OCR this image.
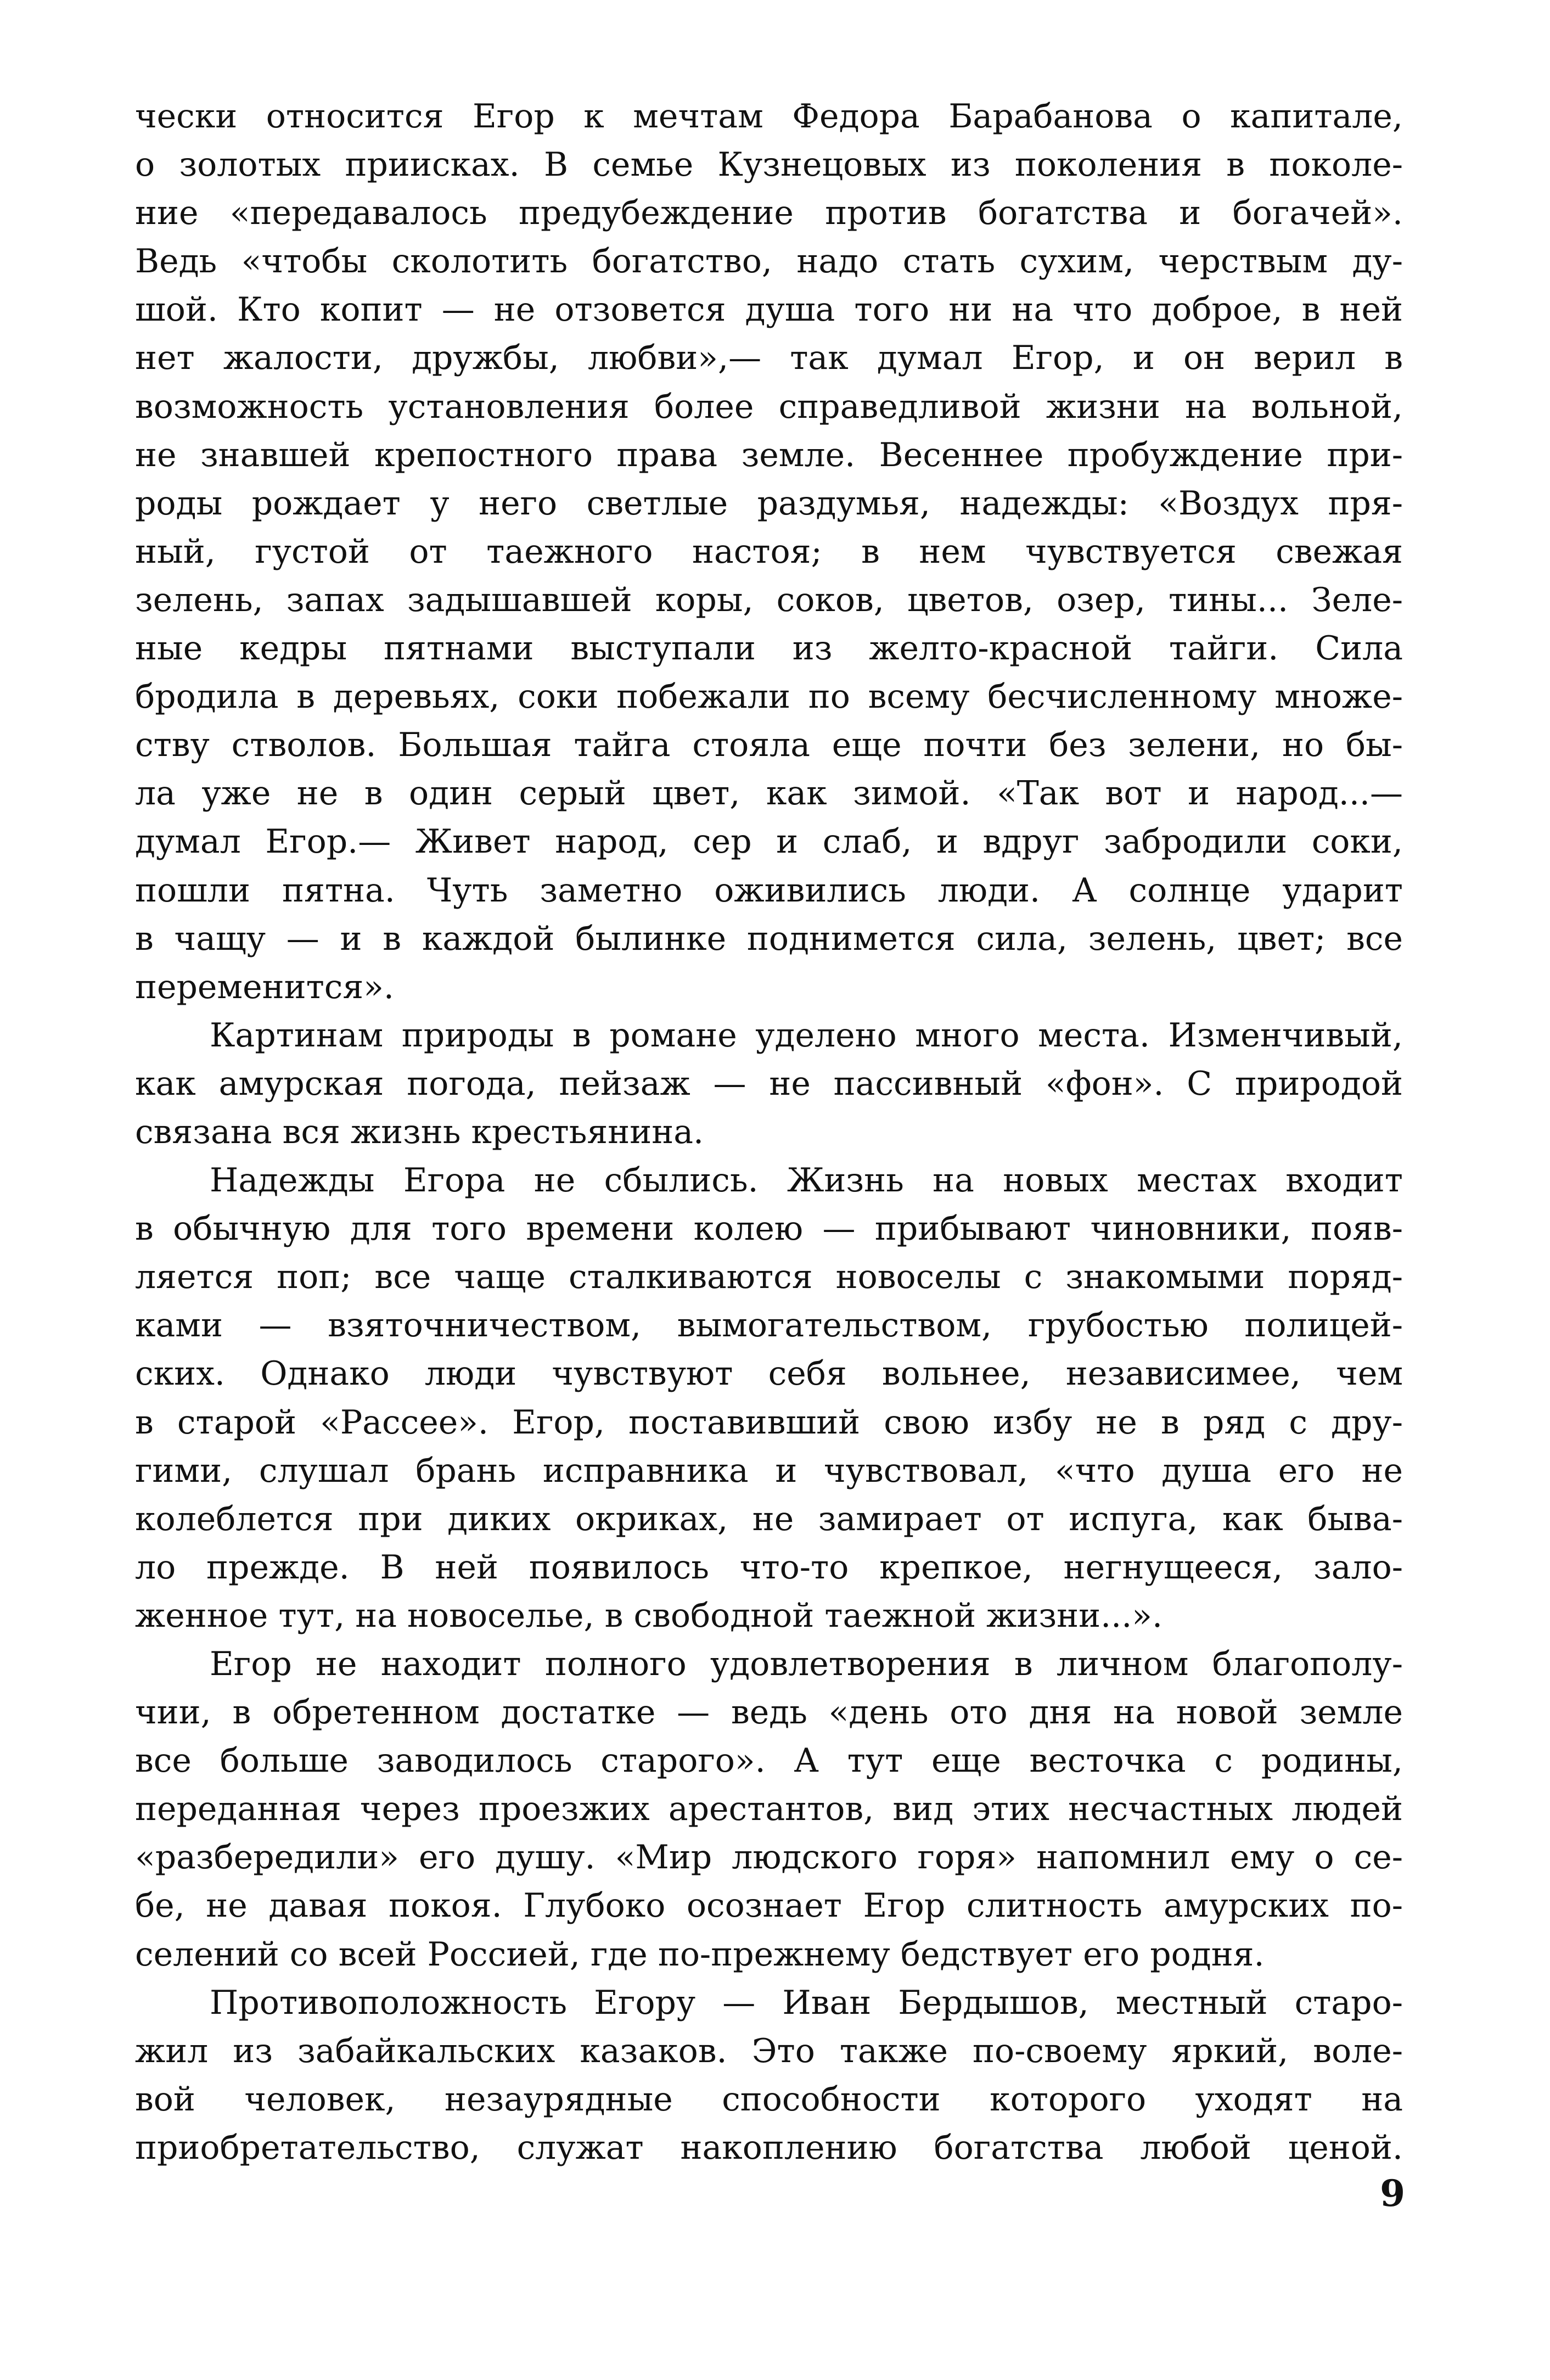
чески относится Егор к мечтам Федора Барабанова о капитале,
о золотых приисках. В семье Кузнецовых из поколения в поколе-
ние «передавалось предубеждение против богатства и богачей».
Ведь «чтобы сколотить богатство, надо стать сухим, черствым ду-
шой. Кто копит — не отзовется душа того ни на что доброе, в ней
нет жалости, дружбы, любви»,— так думал Егор, и он верил в
возможность установления более справедливой жизни на вольной,
не знавшей крепостного права земле. Весеннее пробуждение при-
роды рождает у него светлые раздумья, надежды: «Воздух пря-
ный, густой от таежного настоя; в нем чувствуется свежая
зелень, запах задышавшей коры, соков, цветов, озер, тины... Зеле-
ные кедры пятнами выступали из желто-красной тайги. Сила
бродила в деревьях, соки побежали по всему бесчисленному множе-
ству стволов. Большая тайга стояла еще почти без зелени, но бы-
ла уже не в один серый цвет, как зимой. «Так вот и народ...—
думал Егор.— Живет народ, сер и слаб, и вдруг забродили соки,
пошли пятна. Чуть заметно оживились люди. А солнце ударит
в чащу — и в каждой былинке поднимется сила, зелень, цвет; все
переменится».
Картинам природы в романе уделено много места. Изменчивый,
как амурская погода, пейзаж — не пассивный «фон». С природой
связана вся жизнь крестьянина.
Надежды Егора не сбылись. Жизнь на новых местах входит
в обычную для того времени колею — прибывают чиновники, появ-
ляется поп; все чаще сталкиваются новоселы с знакомыми поряд-
ками — взяточничеством, вымогательством, грубостью полицей-
ских. Однако люди чувствуют себя вольнее, независимее, чем
в старой «Рассее». Егор, поставивший свою избу не в ряд с дру-
гими, слушал брань исправника и чувствовал, «что душа его не
колеблется при диких окриках, не замирает от испуга, как быва-
ло прежде. В ней появилось что-то крепкое, негнущееся, зало-
женное тут, на новоселье, в свободной таежной жизни...».
Егор не находит полного удовлетворения в личном благополу-
чии, в обретенном достатке — ведь «день ото дня на новой земле
все больше заводилось старого». А тут еще весточка с родины,
переданная через проезжих арестантов, вид этих несчастных людей
«разбередили» его душу. «Мир людского горя» напомнил ему о се-
бе, не давая покоя. Глубоко осознает Егор слитность амурских по-
селений со всей Россией, где по-прежнему бедствует его родня.
Противоположность Егору — Иван Бердышов, местный старо-
жил из забайкальских казаков. Это также по-своему яркий, воле-
вой человек, незаурядные способности которого уходят на
приобретательство, служат накоплению богатства любой ценой.
9
